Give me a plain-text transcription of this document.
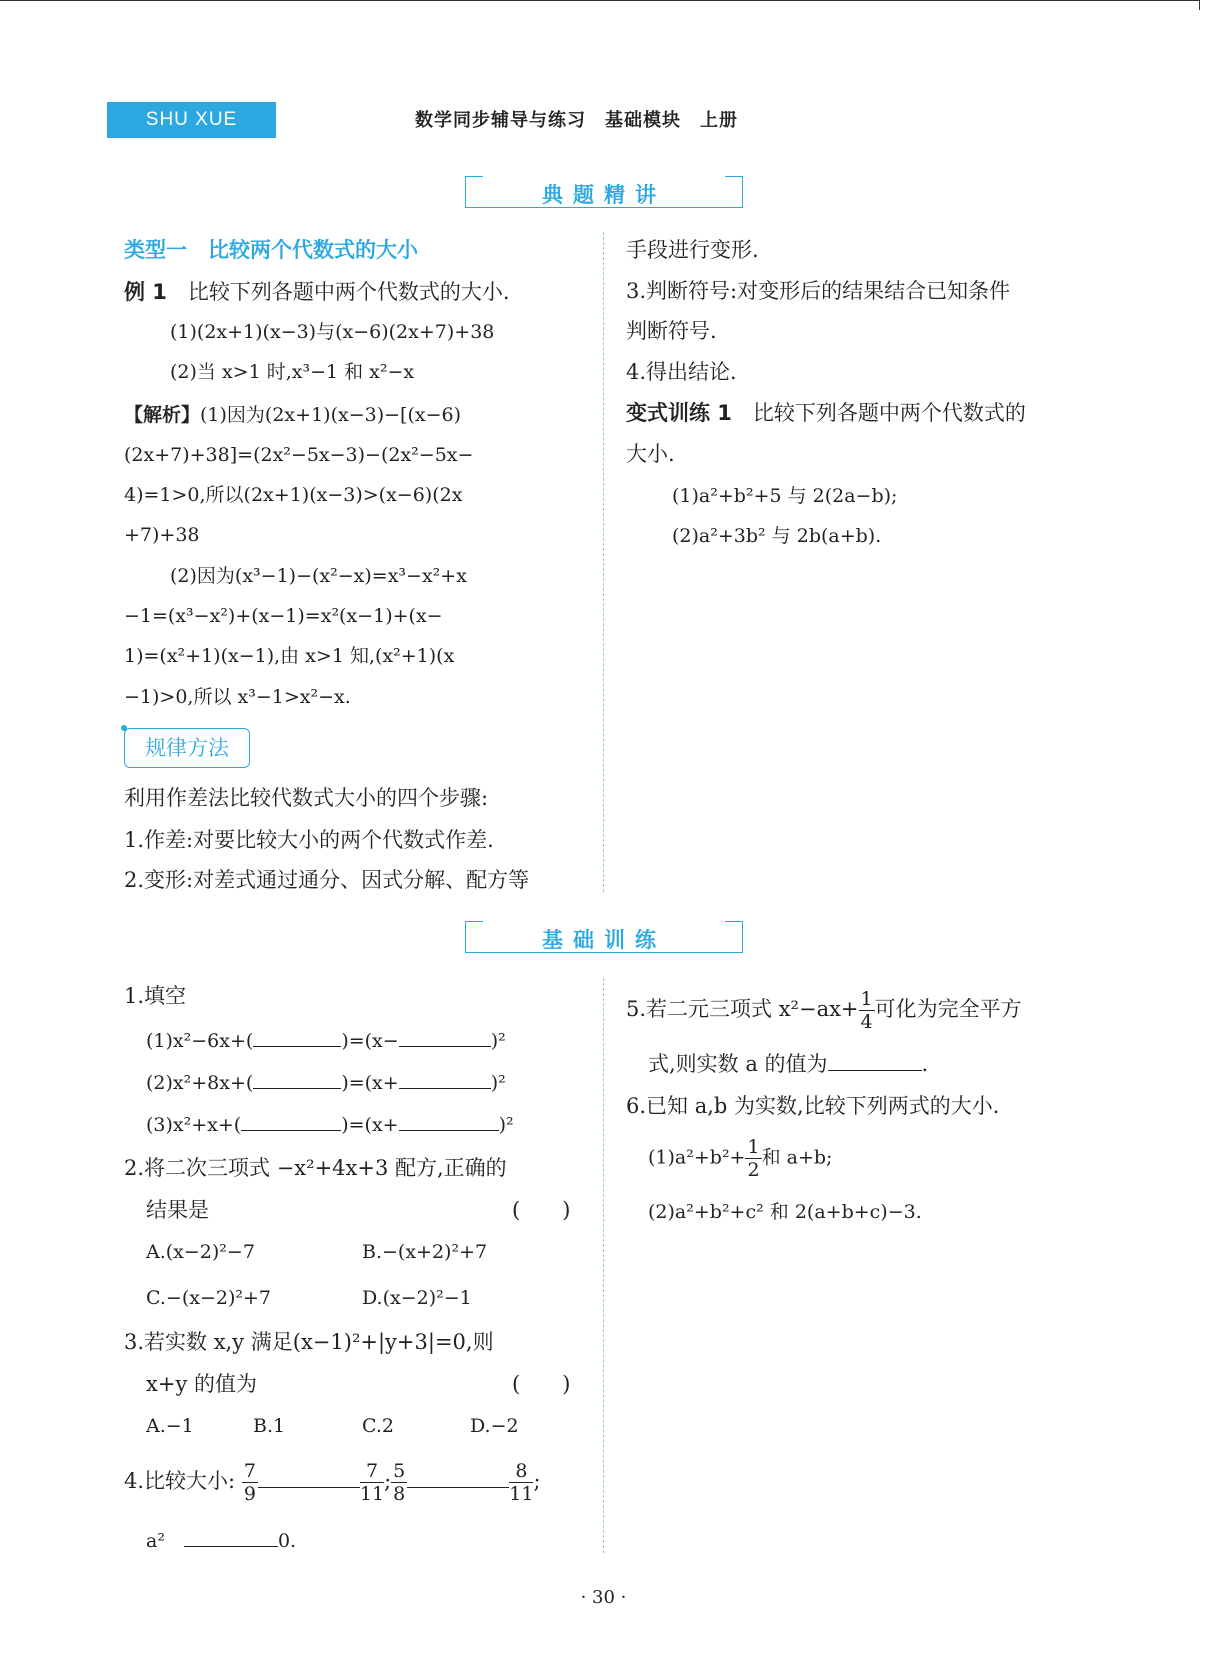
SHU XUE	数学同步辅导与练习　基础模块　上册
典题精讲
类型一　比较两个代数式的大小
例 1　比较下列各题中两个代数式的大小.
(1)(2x+1)(x−3)与(x−6)(2x+7)+38
(2)当 x>1 时,x³−1 和 x²−x
【解析】(1)因为(2x+1)(x−3)−[(x−6)
(2x+7)+38]=(2x²−5x−3)−(2x²−5x−
4)=1>0,所以(2x+1)(x−3)>(x−6)(2x
+7)+38
(2)因为(x³−1)−(x²−x)=x³−x²+x
−1=(x³−x²)+(x−1)=x²(x−1)+(x−
1)=(x²+1)(x−1),由 x>1 知,(x²+1)(x
−1)>0,所以 x³−1>x²−x.
规律方法
利用作差法比较代数式大小的四个步骤:
1.作差:对要比较大小的两个代数式作差.
2.变形:对差式通过通分、因式分解、配方等
手段进行变形.
3.判断符号:对变形后的结果结合已知条件
判断符号.
4.得出结论.
变式训练 1　比较下列各题中两个代数式的
大小.
(1)a²+b²+5 与 2(2a−b);
(2)a²+3b² 与 2b(a+b).
基础训练
1.填空
(1)x²−6x+(	)=(x−	)²
(2)x²+8x+(	)=(x+	)²
(3)x²+x+(	)=(x+	)²
2.将二次三项式 −x²+4x+3 配方,正确的
结果是	(　　)
A.(x−2)²−7	B.−(x+2)²+7
C.−(x−2)²+7	D.(x−2)²−1
3.若实数 x,y 满足(x−1)²+|y+3|=0,则
x+y 的值为	(　　)
A.−1	B.1	C.2	D.−2
4.比较大小: $\frac{7}{9}$	$\frac{7}{11}$ ; $\frac{5}{8}$	$\frac{8}{11}$ ;
a²　	0.
5.若二元三项式 $x^2-ax+ \frac{1}{4}$ 可化为完全平方
式,则实数 a 的值为	.
6.已知 a,b 为实数,比较下列两式的大小.
$(1)a^2+b^2+ \frac{1}{2}$ 和 a+b;
(2)a²+b²+c² 和 2(a+b+c)−3.
· 30 ·
